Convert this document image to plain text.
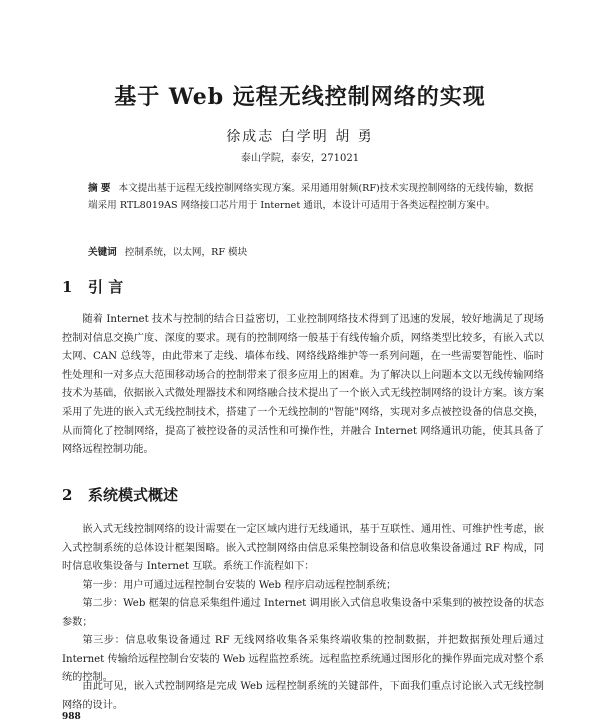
基于 Web 远程无线控制网络的实现
徐成志 白学明 胡 勇
泰山学院，泰安，271021
摘 要 本文提出基于远程无线控制网络实现方案。采用通用射频(RF)技术实现控制网络的无线传输，数据端采用 RTL8019AS 网络接口芯片用于 Internet 通讯，本设计可适用于各类远程控制方案中。
关键词 控制系统，以太网，RF 模块
1 引 言

随着 Internet 技术与控制的结合日益密切，工业控制网络技术得到了迅速的发展，较好地满足了现场控制对信息交换广度、深度的要求。现有的控制网络一般基于有线传输介质，网络类型比较多，有嵌入式以太网、CAN 总线等，由此带来了走线、墙体布线、网络线路维护等一系列问题，在一些需要智能性、临时性处理和一对多点大范围移动场合的控制带来了很多应用上的困难。为了解决以上问题本文以无线传输网络技术为基础，依据嵌入式微处理器技术和网络融合技术提出了一个嵌入式无线控制网络的设计方案。该方案采用了先进的嵌入式无线控制技术，搭建了一个无线控制的"智能"网络，实现对多点被控设备的信息交换，从而简化了控制网络，提高了被控设备的灵活性和可操作性，并融合 Internet 网络通讯功能，使其具备了网络远程控制功能。

2 系统模式概述

嵌入式无线控制网络的设计需要在一定区域内进行无线通讯，基于互联性、通用性、可维护性考虑，嵌入式控制系统的总体设计框架图略。嵌入式控制网络由信息采集控制设备和信息收集设备通过 RF 构成，同时信息收集设备与 Internet 互联。系统工作流程如下：

第一步：用户可通过远程控制台安装的 Web 程序启动远程控制系统；

第二步：Web 框架的信息采集组件通过 Internet 调用嵌入式信息收集设备中采集到的被控设备的状态参数；

第三步：信息收集设备通过 RF 无线网络收集各采集终端收集的控制数据，并把数据预处理后通过 Internet 传输给远程控制台安装的 Web 远程监控系统。远程监控系统通过图形化的操作界面完成对整个系统的控制。

由此可见，嵌入式控制网络是完成 Web 远程控制系统的关键部件，下面我们重点讨论嵌入式无线控制网络的设计。

988
